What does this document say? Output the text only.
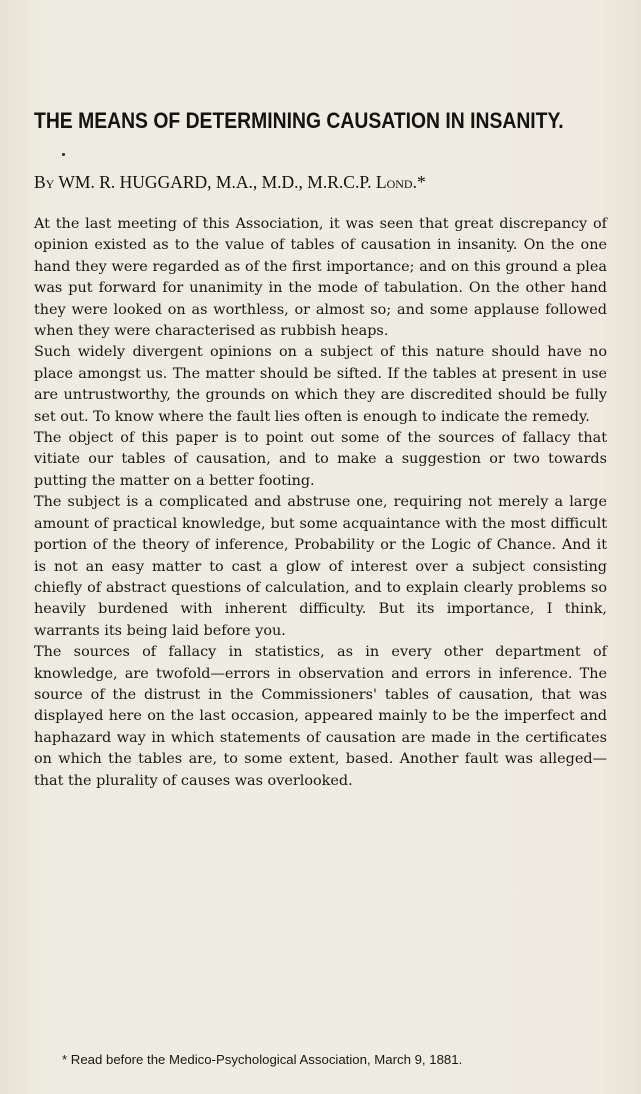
THE MEANS OF DETERMINING CAUSATION IN INSANITY.
By WM. R. HUGGARD, M.A., M.D., M.R.C.P. Lond.*

At the last meeting of this Association, it was seen that great discrepancy of opinion existed as to the value of tables of causation in insanity. On the one hand they were regarded as of the first importance; and on this ground a plea was put forward for unanimity in the mode of tabulation. On the other hand they were looked on as worthless, or almost so; and some applause followed when they were characterised as rubbish heaps.

Such widely divergent opinions on a subject of this nature should have no place amongst us. The matter should be sifted. If the tables at present in use are untrustworthy, the grounds on which they are discredited should be fully set out. To know where the fault lies often is enough to indicate the remedy.

The object of this paper is to point out some of the sources of fallacy that vitiate our tables of causation, and to make a suggestion or two towards putting the matter on a better footing.

The subject is a complicated and abstruse one, requiring not merely a large amount of practical knowledge, but some acquaintance with the most difficult portion of the theory of inference, Probability or the Logic of Chance. And it is not an easy matter to cast a glow of interest over a subject consisting chiefly of abstract questions of calculation, and to explain clearly problems so heavily burdened with inherent difficulty. But its importance, I think, warrants its being laid before you.

The sources of fallacy in statistics, as in every other department of knowledge, are twofold—errors in observation and errors in inference. The source of the distrust in the Commissioners' tables of causation, that was displayed here on the last occasion, appeared mainly to be the imperfect and haphazard way in which statements of causation are made in the certificates on which the tables are, to some extent, based. Another fault was alleged—that the plurality of causes was overlooked.

* Read before the Medico-Psychological Association, March 9, 1881.
